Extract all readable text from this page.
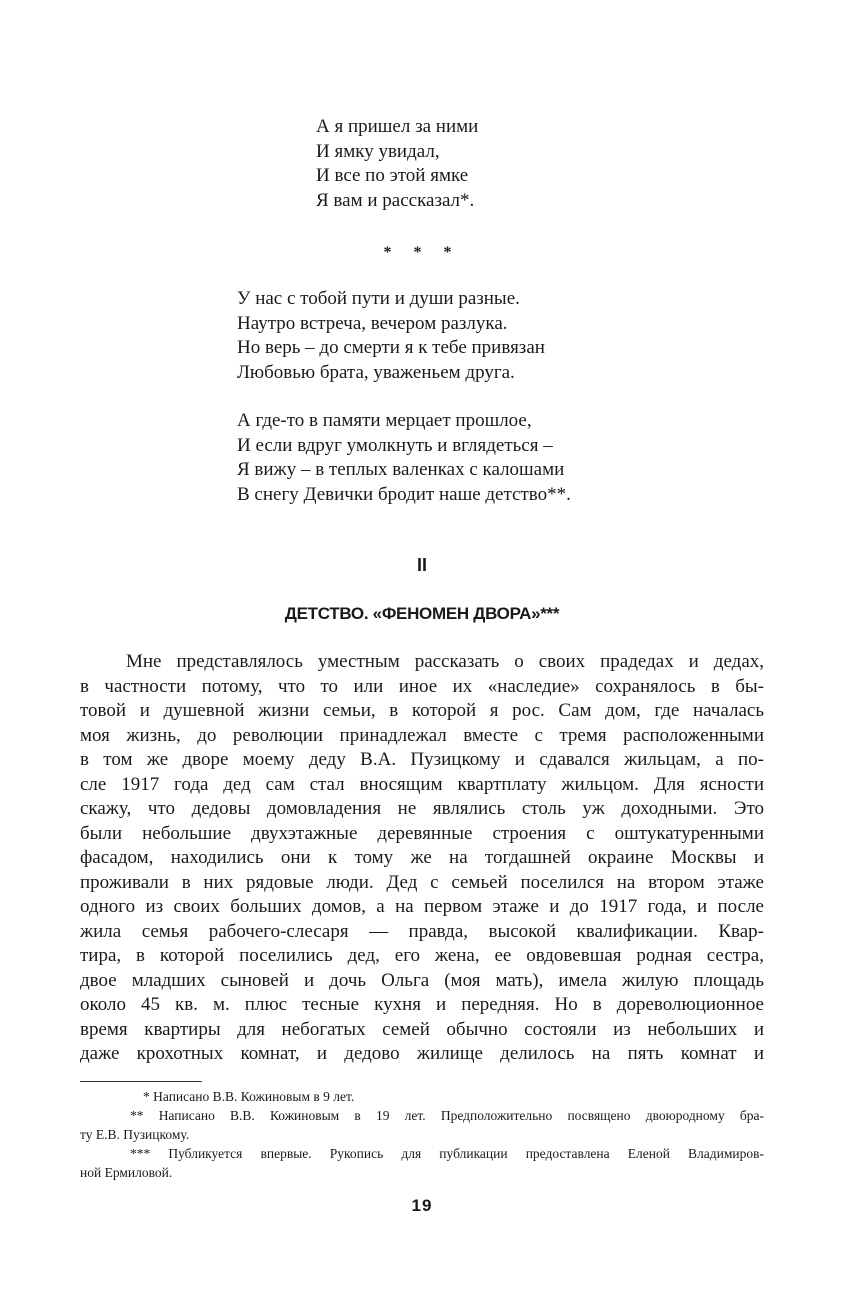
А я пришел за ними
И ямку увидал,
И все по этой ямке
Я вам и рассказал*.
* * *
У нас с тобой пути и души разные.
Наутро встреча, вечером разлука.
Но верь – до смерти я к тебе привязан
Любовью брата, уваженьем друга.
А где-то в памяти мерцает прошлое,
И если вдруг умолкнуть и вглядеться –
Я вижу – в теплых валенках с калошами
В снегу Девички бродит наше детство**.
II
ДЕТСТВО. «ФЕНОМЕН ДВОРА»***
Мне представлялось уместным рассказать о своих прадедах и дедах,
в частности потому, что то или иное их «наследие» сохранялось в бы-
товой и душевной жизни семьи, в которой я рос. Сам дом, где началась
моя жизнь, до революции принадлежал вместе с тремя расположенными
в том же дворе моему деду В.А. Пузицкому и сдавался жильцам, а по-
сле 1917 года дед сам стал вносящим квартплату жильцом. Для ясности
скажу, что дедовы домовладения не являлись столь уж доходными. Это
были небольшие двухэтажные деревянные строения с оштукатуренными
фасадом, находились они к тому же на тогдашней окраине Москвы и
проживали в них рядовые люди. Дед с семьей поселился на втором этаже
одного из своих больших домов, а на первом этаже и до 1917 года, и после
жила семья рабочего-слесаря — правда, высокой квалификации. Квар-
тира, в которой поселились дед, его жена, ее овдовевшая родная сестра,
двое младших сыновей и дочь Ольга (моя мать), имела жилую площадь
около 45 кв. м. плюс тесные кухня и передняя. Но в дореволюционное
время квартиры для небогатых семей обычно состояли из небольших и
даже крохотных комнат, и дедово жилище делилось на пять комнат и
* Написано В.В. Кожиновым в 9 лет.
** Написано В.В. Кожиновым в 19 лет. Предположительно посвящено двоюродному бра-
ту Е.В. Пузицкому.
*** Публикуется впервые. Рукопись для публикации предоставлена Еленой Владимиров-
ной Ермиловой.
19
